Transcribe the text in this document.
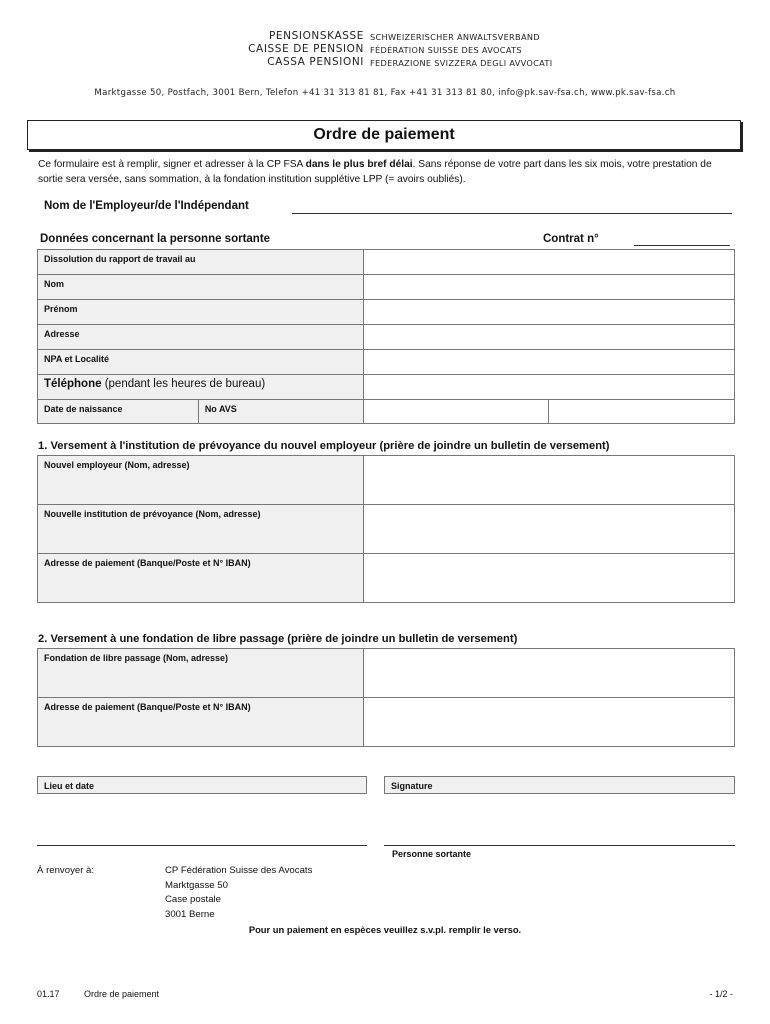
PENSIONSKASSE
CAISSE DE PENSION
CASSA PENSIONI
SCHWEIZERISCHER ANWALTSVERBAND
FÉDÉRATION SUISSE DES AVOCATS
FEDERAZIONE SVIZZERA DEGLI AVVOCATI
Marktgasse 50, Postfach, 3001 Bern, Telefon +41 31 313 81 81, Fax +41 31 313 81 80, info@pk.sav-fsa.ch, www.pk.sav-fsa.ch
Ordre de paiement
Ce formulaire est à remplir, signer et adresser à la CP FSA dans le plus bref délai. Sans réponse de votre part dans les six mois, votre prestation de sortie sera versée, sans sommation, à la fondation institution supplétive LPP (= avoirs oubliés).
Nom de l'Employeur/de l'Indépendant
Données concernant la personne sortante	Contrat n°
Dissolution du rapport de travail au			
Nom			
Prénom			
Adresse			
NPA et Localité			
Téléphone (pendant les heures de bureau)			
Date de naissance	No AVS		
1. Versement à l'institution de prévoyance du nouvel employeur (prière de joindre un bulletin de versement)
Nouvel employeur (Nom, adresse)	
Nouvelle institution de prévoyance (Nom, adresse)	
Adresse de paiement (Banque/Poste et N° IBAN)	
2. Versement à une fondation de libre passage (prière de joindre un bulletin de versement)
Fondation de libre passage (Nom, adresse)	
Adresse de paiement (Banque/Poste et N° IBAN)	
Lieu et date	Signature
Personne sortante
À renvoyer à:	CP Fédération Suisse des Avocats
Marktgasse 50
Case postale
3001 Berne
Pour un paiement en espèces veuillez s.v.pl. remplir le verso.
01.17	Ordre de paiement	- 1/2 -
